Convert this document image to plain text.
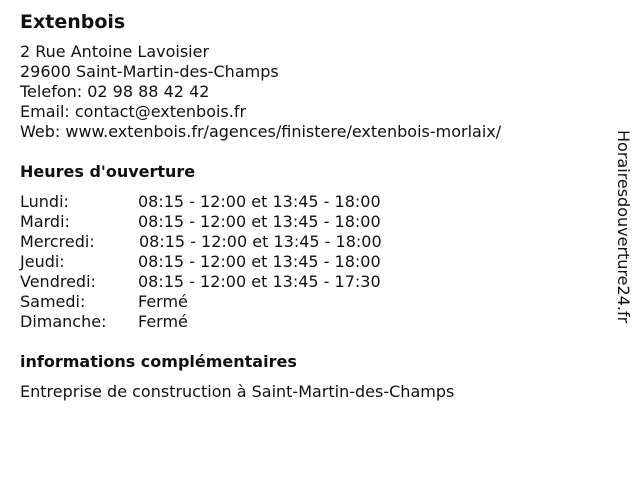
Extenbois
2 Rue Antoine Lavoisier
29600 Saint-Martin-des-Champs
Telefon: 02 98 88 42 42
Email: contact@extenbois.fr
Web: www.extenbois.fr/agences/finistere/extenbois-morlaix/
Heures d'ouverture
Lundi:	08:15 - 12:00 et 13:45 - 18:00
Mardi:	08:15 - 12:00 et 13:45 - 18:00
Mercredi:	08:15 - 12:00 et 13:45 - 18:00
Jeudi:	08:15 - 12:00 et 13:45 - 18:00
Vendredi:	08:15 - 12:00 et 13:45 - 17:30
Samedi:	Fermé
Dimanche:	Fermé
informations complémentaires
Entreprise de construction à Saint-Martin-des-Champs
Horairesdouverture24.fr
